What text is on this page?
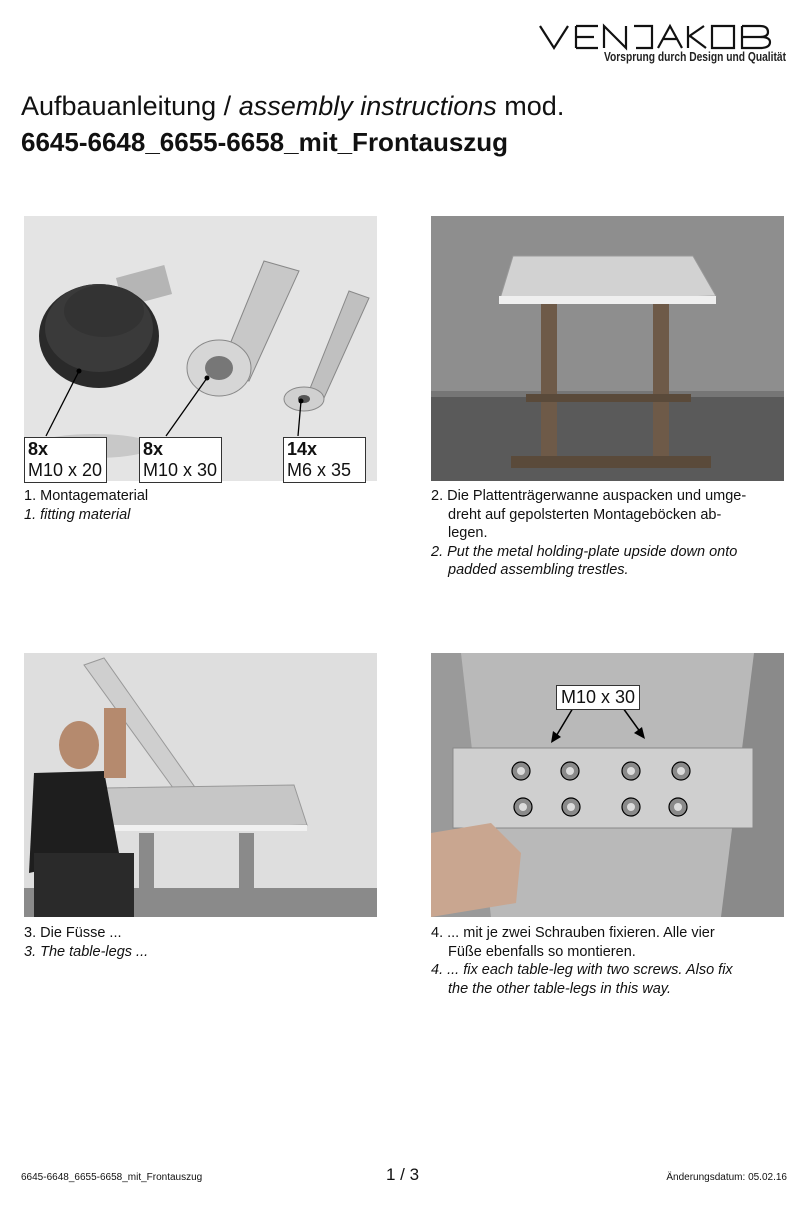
Vorsprung durch Design und Qualität
Aufbauanleitung / assembly instructions mod.
6645-6648_6655-6658_mit_Frontauszug
8x
M10 x 20
8x
M10 x 30
14x
M6 x 35
M10 x 30
1. Montagematerial
1. fitting material
2. Die Plattenträgerwanne auspacken und umge-
dreht auf gepolsterten Montageböcken ab-
legen.
2. Put the metal holding-plate upside down onto
padded assembling trestles.
3. Die Füsse ...
3. The table-legs ...
4. ... mit je zwei Schrauben fixieren. Alle vier
Füße ebenfalls so montieren.
4. ... fix each table-leg with two screws. Also fix
the the other table-legs in this way.
6645-6648_6655-6658_mit_Frontauszug	1 / 3	Änderungsdatum: 05.02.16
